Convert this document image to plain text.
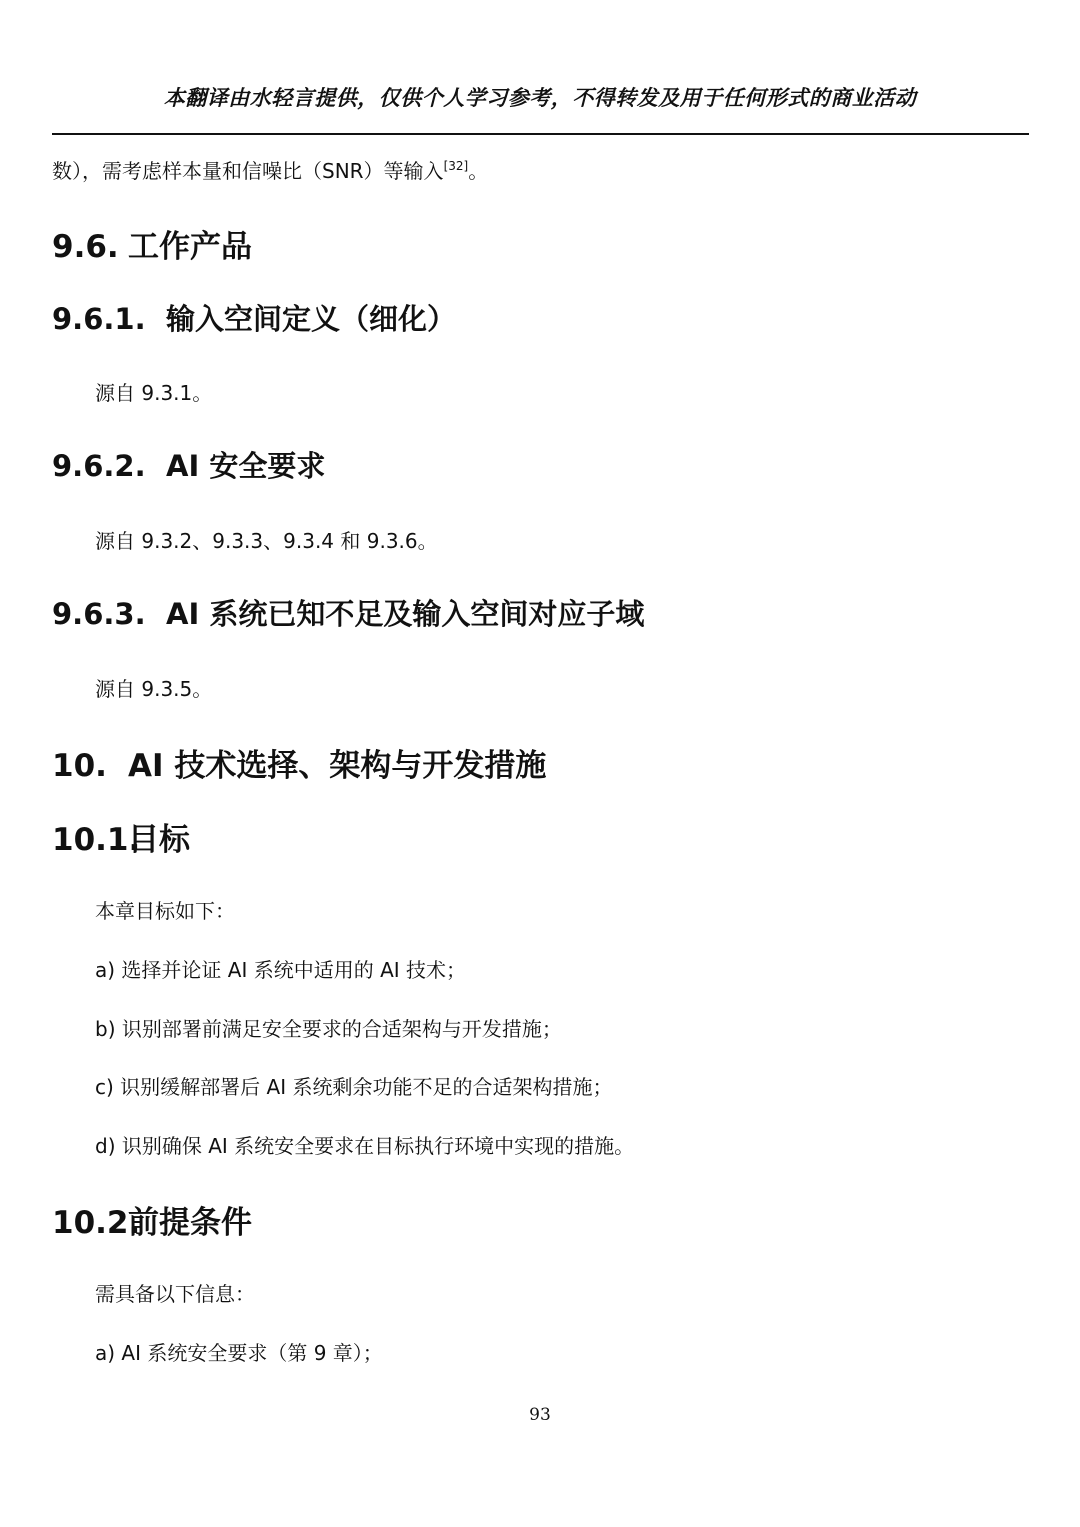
本翻译由水轻言提供，仅供个人学习参考，不得转发及用于任何形式的商业活动
数），需考虑样本量和信噪比（SNR）等输入[32]。
9.6. 工作产品
9.6.1. 输入空间定义（细化）
源自 9.3.1。
9.6.2. AI 安全要求
源自 9.3.2、9.3.3、9.3.4 和 9.3.6。
9.6.3. AI 系统已知不足及输入空间对应子域
源自 9.3.5。
10. AI 技术选择、架构与开发措施
10.1.目标
本章目标如下：
a) 选择并论证 AI 系统中适用的 AI 技术；
b) 识别部署前满足安全要求的合适架构与开发措施；
c) 识别缓解部署后 AI 系统剩余功能不足的合适架构措施；
d) 识别确保 AI 系统安全要求在目标执行环境中实现的措施。
10.2.前提条件
需具备以下信息：
a) AI 系统安全要求（第 9 章）；
93
